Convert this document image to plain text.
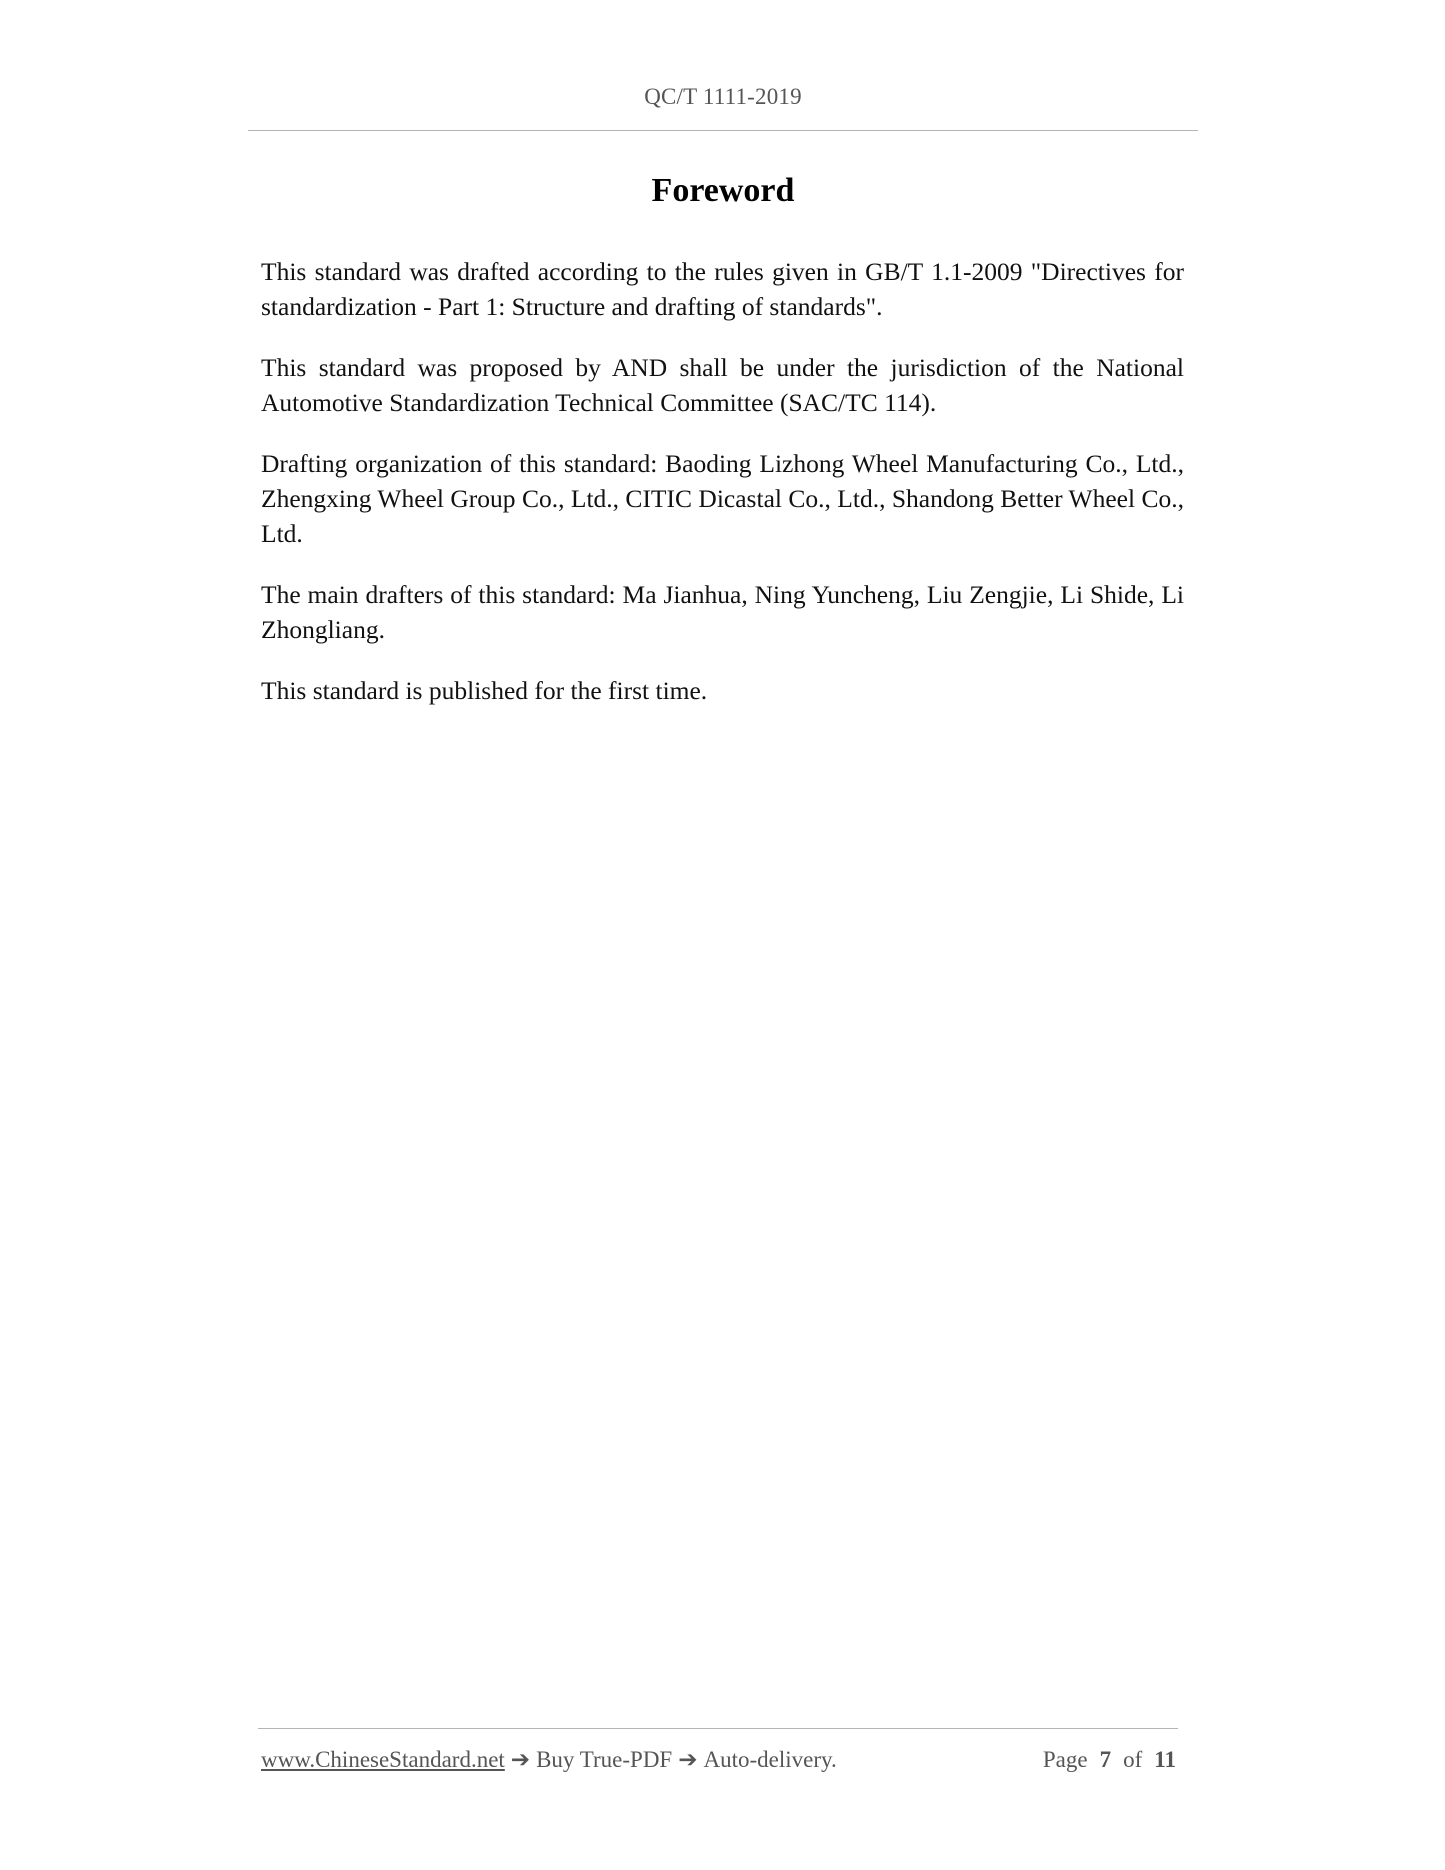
QC/T 1111-2019
Foreword

This standard was drafted according to the rules given in GB/T 1.1-2009 "Directives for standardization - Part 1: Structure and drafting of standards".

This standard was proposed by AND shall be under the jurisdiction of the National Automotive Standardization Technical Committee (SAC/TC 114).

Drafting organization of this standard: Baoding Lizhong Wheel Manufacturing Co., Ltd., Zhengxing Wheel Group Co., Ltd., CITIC Dicastal Co., Ltd., Shandong Better Wheel Co., Ltd.

The main drafters of this standard: Ma Jianhua, Ning Yuncheng, Liu Zengjie, Li Shide, Li Zhongliang.

This standard is published for the first time.

www.ChineseStandard.net ➔ Buy True-PDF ➔ Auto-delivery.	Page 7 of 11
